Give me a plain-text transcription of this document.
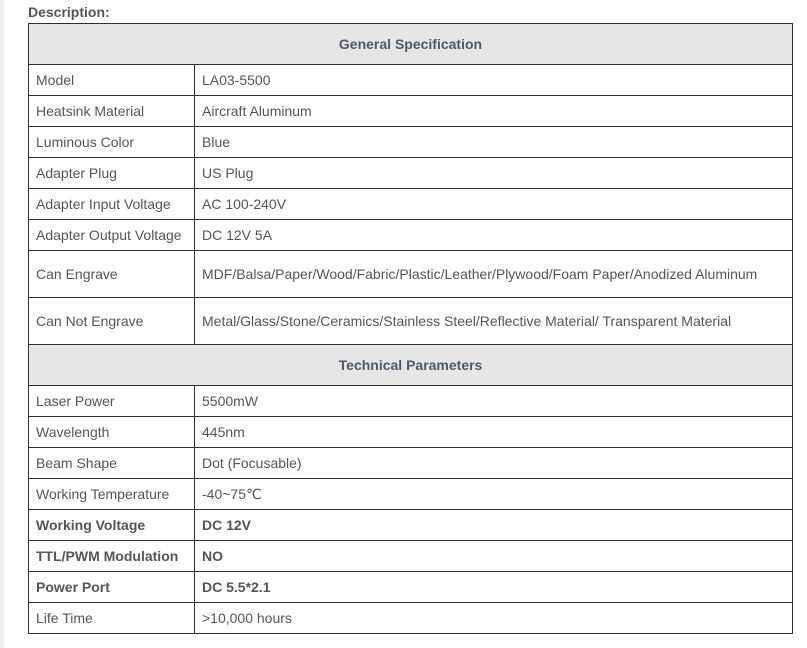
Description:
General Specification	
Model	LA03-5500
Heatsink Material	Aircraft Aluminum
Luminous Color	Blue
Adapter Plug	US Plug
Adapter Input Voltage	AC 100-240V
Adapter Output Voltage	DC 12V 5A
Can Engrave	MDF/Balsa/Paper/Wood/Fabric/Plastic/Leather/Plywood/Foam Paper/Anodized Aluminum
Can Not Engrave	Metal/Glass/Stone/Ceramics/Stainless Steel/Reflective Material/ Transparent Material
Technical Parameters	
Laser Power	5500mW
Wavelength	445nm
Beam Shape	Dot (Focusable)
Working Temperature	-40~75℃
Working Voltage	DC 12V
TTL/PWM Modulation	NO
Power Port	DC 5.5*2.1
Life Time	>10,000 hours
